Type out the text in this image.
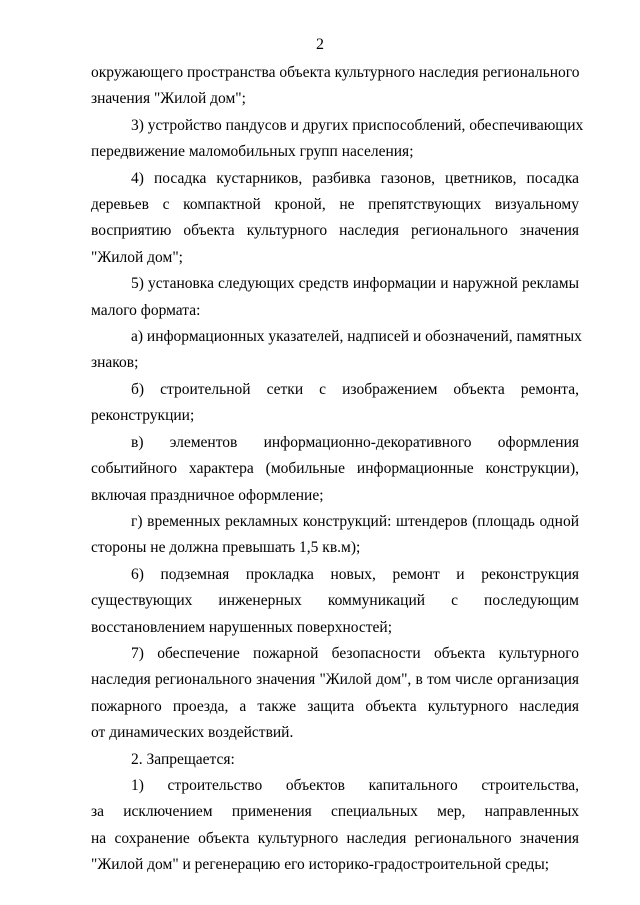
2
окружающего пространства объекта культурного наследия регионального
значения "Жилой дом";
3) устройство пандусов и других приспособлений, обеспечивающих
передвижение маломобильных групп населения;
4) посадка кустарников, разбивка газонов, цветников, посадка
деревьев с компактной кроной, не препятствующих визуальному
восприятию объекта культурного наследия регионального значения
"Жилой дом";
5) установка следующих средств информации и наружной рекламы
малого формата:
а) информационных указателей, надписей и обозначений, памятных
знаков;
б) строительной сетки с изображением объекта ремонта,
реконструкции;
в) элементов информационно-декоративного оформления
событийного характера (мобильные информационные конструкции),
включая праздничное оформление;
г) временных рекламных конструкций: штендеров (площадь одной
стороны не должна превышать 1,5 кв.м);
6) подземная прокладка новых, ремонт и реконструкция
существующих инженерных коммуникаций с последующим
восстановлением нарушенных поверхностей;
7) обеспечение пожарной безопасности объекта культурного
наследия регионального значения "Жилой дом", в том числе организация
пожарного проезда, а также защита объекта культурного наследия
от динамических воздействий.
2. Запрещается:
1) строительство объектов капитального строительства,
за исключением применения специальных мер, направленных
на сохранение объекта культурного наследия регионального значения
"Жилой дом" и регенерацию его историко-градостроительной среды;
